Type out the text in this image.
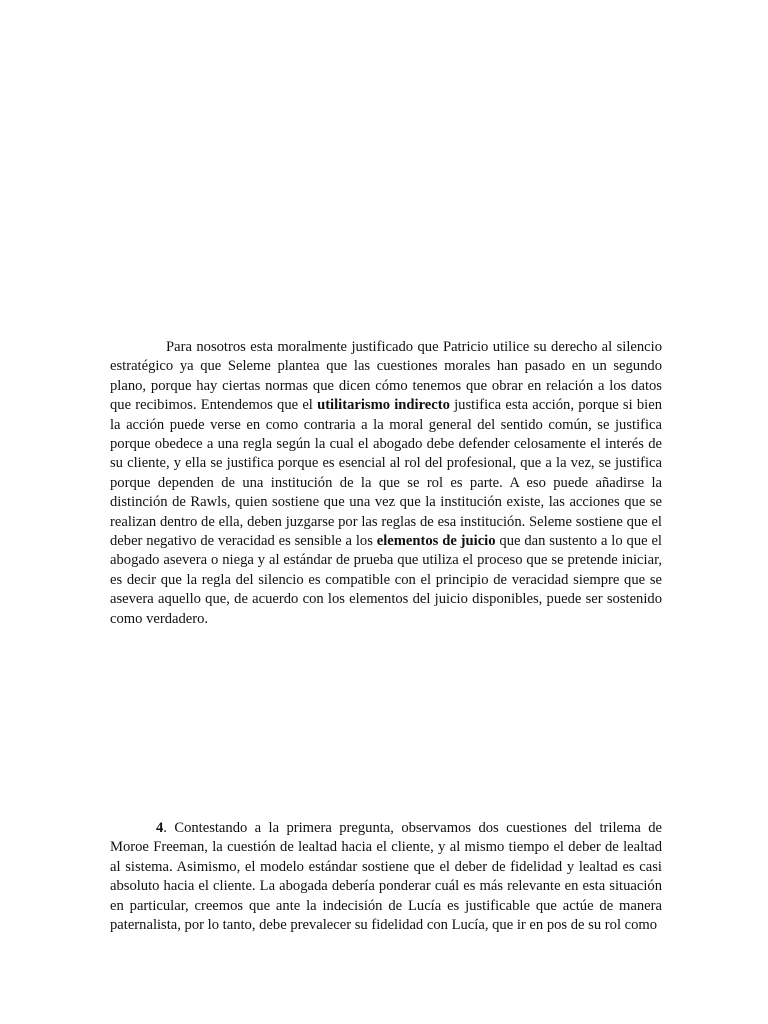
Para nosotros esta moralmente justificado que Patricio utilice su derecho al silencio estratégico ya que Seleme plantea que las cuestiones morales han pasado en un segundo plano, porque hay ciertas normas que dicen cómo tenemos que obrar en relación a los datos que recibimos. Entendemos que el utilitarismo indirecto justifica esta acción, porque si bien la acción puede verse en como contraria a la moral general del sentido común, se justifica porque obedece a una regla según la cual el abogado debe defender celosamente el interés de su cliente, y ella se justifica porque es esencial al rol del profesional, que a la vez, se justifica porque dependen de una institución de la que se rol es parte. A eso puede añadirse la distinción de Rawls, quien sostiene que una vez que la institución existe, las acciones que se realizan dentro de ella, deben juzgarse por las reglas de esa institución. Seleme sostiene que el deber negativo de veracidad es sensible a los elementos de juicio que dan sustento a lo que el abogado asevera o niega y al estándar de prueba que utiliza el proceso que se pretende iniciar, es decir que la regla del silencio es compatible con el principio de veracidad siempre que se asevera aquello que, de acuerdo con los elementos del juicio disponibles, puede ser sostenido como verdadero.

4. Contestando a la primera pregunta, observamos dos cuestiones del trilema de Moroe Freeman, la cuestión de lealtad hacia el cliente, y al mismo tiempo el deber de lealtad al sistema. Asimismo, el modelo estándar sostiene que el deber de fidelidad y lealtad es casi absoluto hacia el cliente. La abogada debería ponderar cuál es más relevante en esta situación en particular, creemos que ante la indecisión de Lucía es justificable que actúe de manera paternalista, por lo tanto, debe prevalecer su fidelidad con Lucía, que ir en pos de su rol como
